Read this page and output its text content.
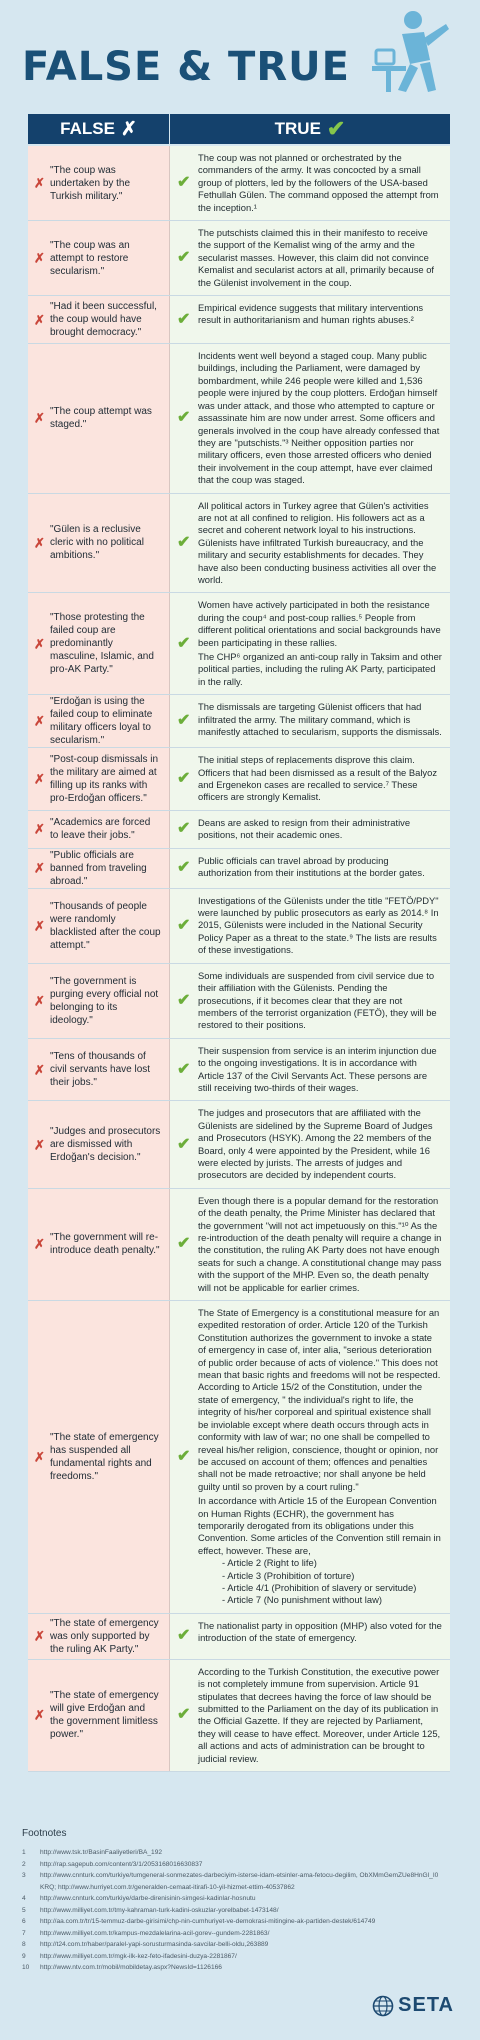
FALSE & TRUE
FALSE ✗	TRUE ✔
✗
"The coup was undertaken by the Turkish military."
✔

The coup was not planned or orchestrated by the commanders of the army. It was concocted by a small group of plotters, led by the followers of the USA-based Fethullah Gülen. The command opposed the attempt from the inception.¹

✗
"The coup was an attempt to restore secularism."
✔

The putschists claimed this in their manifesto to receive the support of the Kemalist wing of the army and the secularist masses. However, this claim did not convince Kemalist and secularist actors at all, primarily because of the Gülenist involvement in the coup.

✗
"Had it been successful, the coup would have brought democracy."
✔

Empirical evidence suggests that military interventions result in authoritarianism and human rights abuses.²

✗ "The coup attempt was staged."	✔

Incidents went well beyond a staged coup. Many public buildings, including the Parliament, were damaged by bombardment, while 246 people were killed and 1,536 people were injured by the coup plotters. Erdoğan himself was under attack, and those who attempted to capture or assassinate him are now under arrest. Some officers and generals involved in the coup have already confessed that they are "putschists."³ Neither opposition parties nor military officers, even those arrested officers who denied their involvement in the coup attempt, have ever claimed that the coup was staged.

✗
"Gülen is a reclusive cleric with no political ambitions."
✔

All political actors in Turkey agree that Gülen's activities are not at all confined to religion. His followers act as a secret and coherent network loyal to his instructions. Gülenists have infiltrated Turkish bureaucracy, and the military and security establishments for decades. They have also been conducting business activities all over the world.

✗
"Those protesting the failed coup are predominantly masculine, Islamic, and pro-AK Party."
✔

Women have actively participated in both the resistance during the coup⁴ and post-coup rallies.⁵ People from different political orientations and social backgrounds have been participating in these rallies.

The CHP⁶ organized an anti-coup rally in Taksim and other political parties, including the ruling AK Party, participated in the rally.

✗
"Erdoğan is using the failed coup to eliminate military officers loyal to secularism."
✔

The dismissals are targeting Gülenist officers that had infiltrated the army. The military command, which is manifestly attached to secularism, supports the dismissals.

✗
"Post-coup dismissals in the military are aimed at filling up its ranks with pro-Erdoğan officers."
✔

The initial steps of replacements disprove this claim. Officers that had been dismissed as a result of the Balyoz and Ergenekon cases are recalled to service.⁷ These officers are strongly Kemalist.

✗ "Academics are forced to leave their jobs."	✔ Deans are asked to resign from their administrative positions, not their academic ones.

✗
"Public officials are banned from traveling abroad."
✔ Public officials can travel abroad by producing authorization from their institutions at the border gates.

✗
"Thousands of people were randomly blacklisted after the coup attempt."
✔

Investigations of the Gülenists under the title "FETÖ/PDY" were launched by public prosecutors as early as 2014.⁸ In 2015, Gülenists were included in the National Security Policy Paper as a threat to the state.⁹ The lists are results of these investigations.

✗
"The government is purging every official not belonging to its ideology."
✔

Some individuals are suspended from civil service due to their affiliation with the Gülenists. Pending the prosecutions, if it becomes clear that they are not members of the terrorist organization (FETÖ), they will be restored to their positions.

✗
"Tens of thousands of civil servants have lost their jobs."
✔

Their suspension from service is an interim injunction due to the ongoing investigations. It is in accordance with Article 137 of the Civil Servants Act. These persons are still receiving two-thirds of their wages.

✗
"Judges and prosecutors are dismissed with Erdoğan's decision."
✔

The judges and prosecutors that are affiliated with the Gülenists are sidelined by the Supreme Board of Judges and Prosecutors (HSYK). Among the 22 members of the Board, only 4 were appointed by the President, while 16 were elected by jurists. The arrests of judges and prosecutors are decided by independent courts.

✗ "The government will re-introduce death penalty." ✔

Even though there is a popular demand for the restoration of the death penalty, the Prime Minister has declared that the government "will not act impetuously on this."¹⁰ As the re-introduction of the death penalty will require a change in the constitution, the ruling AK Party does not have enough seats for such a change. A constitutional change may pass with the support of the MHP. Even so, the death penalty will not be applicable for earlier crimes.

✗
"The state of emergency has suspended all fundamental rights and freedoms."
✔

The State of Emergency is a constitutional measure for an expedited restoration of order. Article 120 of the Turkish Constitution authorizes the government to invoke a state of emergency in case of, inter alia, "serious deterioration of public order because of acts of violence." This does not mean that basic rights and freedoms will not be respected. According to Article 15/2 of the Constitution, under the state of emergency, " the individual's right to life, the integrity of his/her corporeal and spiritual existence shall be inviolable except where death occurs through acts in conformity with law of war; no one shall be compelled to reveal his/her religion, conscience, thought or opinion, nor be accused on account of them; offences and penalties shall not be made retroactive; nor shall anyone be held guilty until so proven by a court ruling."

In accordance with Article 15 of the European Convention on Human Rights (ECHR), the government has temporarily derogated from its obligations under this Convention. Some articles of the Convention still remain in effect, however. These are,

- Article 2 (Right to life)
- Article 3 (Prohibition of torture)
- Article 4/1 (Prohibition of slavery or servitude)
- Article 7 (No punishment without law)
✗
"The state of emergency was only supported by the ruling AK Party."
✔

The nationalist party in opposition (MHP) also voted for the introduction of the state of emergency.

✗
"The state of emergency will give Erdoğan and the government limitless power."
✔

According to the Turkish Constitution, the executive power is not completely immune from supervision. Article 91 stipulates that decrees having the force of law should be submitted to the Parliament on the day of its publication in the Official Gazette. If they are rejected by Parliament, they will cease to have effect. Moreover, under Article 125, all actions and acts of administration can be brought to judicial review.

Footnotes
1	http://www.tsk.tr/BasinFaaliyetleri/BA_192
2	http://rap.sagepub.com/content/3/1/2053168016630837
3	http://www.cnnturk.com/turkiye/tumgeneral-sonmezates-darbeciyim-isterse-idam-etsinler-ama-fetocu-degilim, ObXMmGemZUe8HnGl_I0KRQ; http://www.hurriyet.com.tr/generalden-cemaat-itirafi-10-yil-hizmet-ettim-40537862
4	http://www.cnnturk.com/turkiye/darbe-direnisinin-simgesi-kadinlar-hosnutu
5	http://www.milliyet.com.tr/tmy-kahraman-turk-kadini-oskuzlar-yorelbabet-1473148/
6	http://aa.com.tr/tr/15-temmuz-darbe-girisimi/chp-nin-cumhuriyet-ve-demokrasi-mitingine-ak-partiden-destek/614749
7	http://www.milliyet.com.tr/kampus-mezdalelarina-acil-gorev--gundem-2281863/
8	http://t24.com.tr/haber/paralel-yapi-sorusturmasinda-savcilar-belli-oldu,263889
9	http://www.milliyet.com.tr/mgk-ilk-kez-feto-ifadesini-duzya-2281867/
10	http://www.ntv.com.tr/mobil/mobildetay.aspx?NewsId=1126166
SETA
